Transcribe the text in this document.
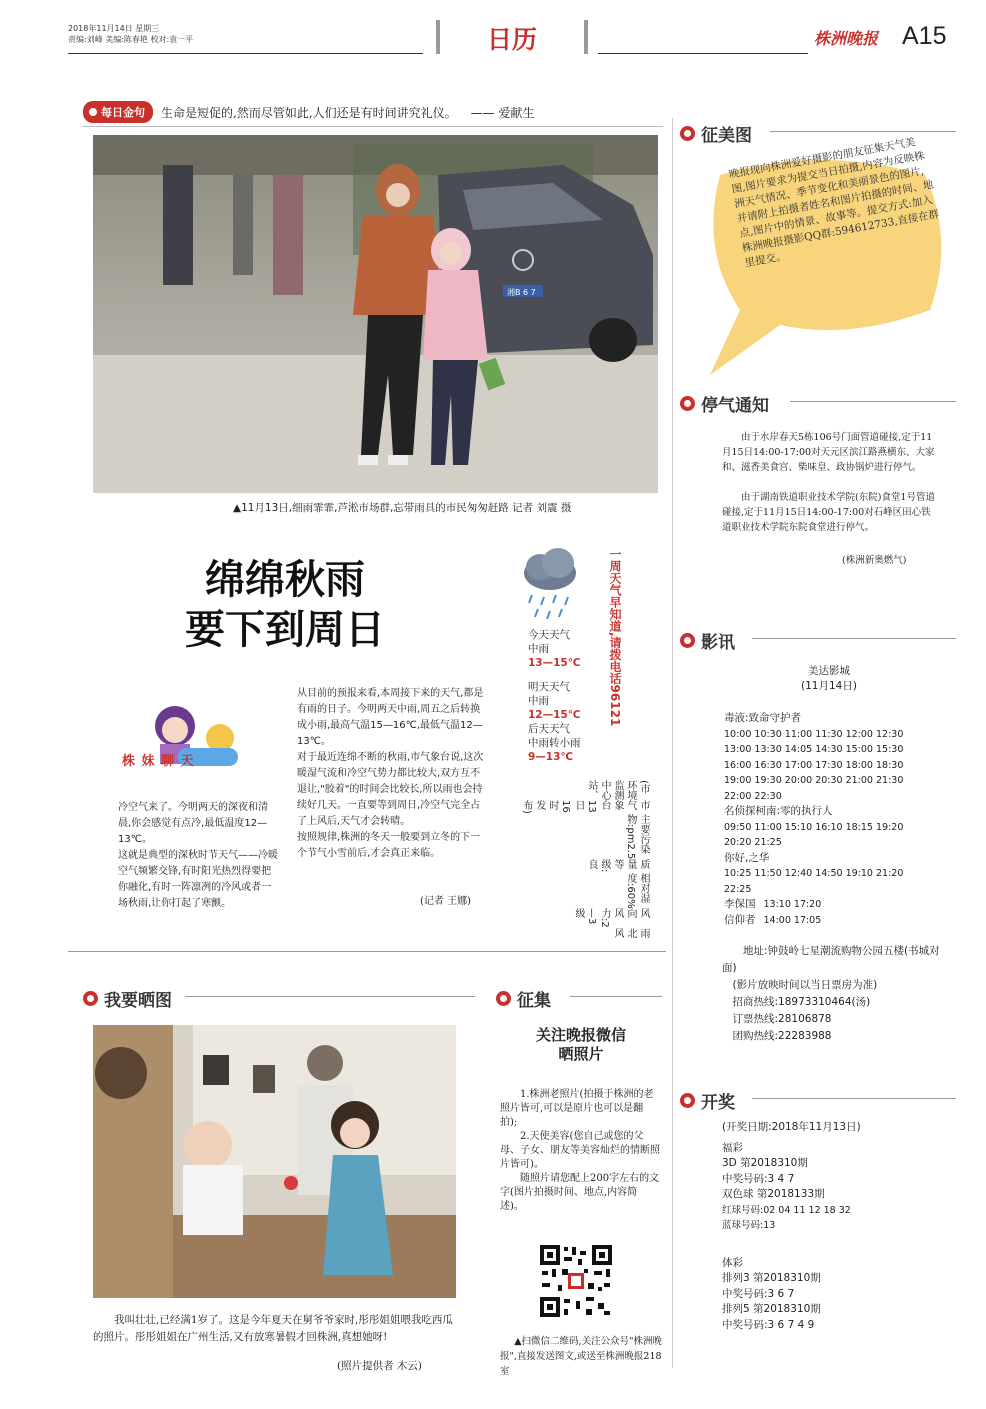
2018年11月14日 星期三
责编:刘峰 美编:陈春艳 校对:袁一平	日历	株洲晚报 A15
每日金句 生命是短促的,然而尽管如此,人们还是有时间讲究礼仪。 —— 爱献生
湘B 6 7
▲11月13日,细雨霏霏,芦淞市场群,忘带雨具的市民匆匆赶路 记者 刘震 摄
绵绵秋雨
要下到周日
株 妹 聊 天
冷空气来了。今明两天的深夜和清晨,你会感觉有点冷,最低温度12—13℃。
这就是典型的深秋时节天气——冷暖空气频繁交锋,有时阳光热烈得要把你融化,有时一阵凛冽的冷风或者一场秋雨,让你打起了寒颤。
从目前的预报来看,本周接下来的天气,都是有雨的日子。今明两天中雨,周五之后转换成小雨,最高气温15—16℃,最低气温12—13℃。
对于最近连绵不断的秋雨,市气象台说,这次暖湿气流和冷空气势力都比较大,双方互不退让,"胶着"的时间会比较长,所以雨也会持续好几天。一直要等到周日,冷空气完全占了上风后,天气才会转晴。
按照规律,株洲的冬天一般要到立冬的下一个节气小雪前后,才会真正来临。
(记者 王娜)
今天天气
中雨
13—15℃
明天天气
中雨
12—15℃
后天天气
中雨转小雨
9—13℃
一周天气早知道,请拨电话96121
(市环境监测中心站、
市气象台13日16时发布)
主要污染物:pm2.5
质量等级:良
相对湿度:60%
风向风力:2—3级
雨 北风
征美图
晚报现向株洲爱好摄影的朋友征集天气美图,图片要求为提交当日拍摄,内容为反映株洲天气情况、季节变化和美丽景色的图片,并请附上拍摄者姓名和图片拍摄的时间、地点,图片中的情景、故事等。提交方式:加入株洲晚报摄影QQ群:594612733,直接在群里提交。
停气通知
由于水岸春天5栋106号门面管道碰接,定于11月15日14:00-17:00对天元区滨江路燕横东、大家和、滋香美食宫、柴味皇、政协锅炉进行停气。
由于湖南铁道职业技术学院(东院)食堂1号管道碰接,定于11月15日14:00-17:00对石峰区田心铁道职业技术学院东院食堂进行停气。
(株洲新奥燃气)
影讯
美达影城
(11月14日)
毒液:致命守护者
10:00 10:30 11:00 11:30 12:00 12:30
13:00 13:30 14:05 14:30 15:00 15:30
16:00 16:30 17:00 17:30 18:00 18:30
19:00 19:30 20:00 20:30 21:00 21:30
22:00 22:30
名侦探柯南:零的执行人
09:50 11:00 15:10 16:10 18:15 19:20
20:20 21:25
你好,之华
10:25 11:50 12:40 14:50 19:10 21:20
22:25
李保国 13:10 17:20
信仰者 14:00 17:05
地址:钟鼓岭七星潮流购物公园五楼(书城对面)
(影片放映时间以当日票房为准)
招商热线:18973310464(汤)
订票热线:28106878
团购热线:22283988
开奖
(开奖日期:2018年11月13日)
福彩
3D 第2018310期
中奖号码:3 4 7
双色球 第2018133期
红球号码:02 04 11 12 18 32
蓝球号码:13
体彩
排列3 第2018310期
中奖号码:3 6 7
排列5 第2018310期
中奖号码:3 6 7 4 9
我要晒图
我叫壮壮,已经满1岁了。这是今年夏天在舅爷爷家时,彤彤姐姐喂我吃西瓜的照片。彤彤姐姐在广州生活,又有放寒暑假才回株洲,真想她呀!
(照片提供者 木云)
征集
关注晚报微信
晒照片
1.株洲老照片(拍摄于株洲的老照片皆可,可以是原片也可以是翻拍);
2.天使美容(您自己或您的父母、子女、朋友等美容灿烂的情断照片皆可)。
随照片请您配上200字左右的文字(图片拍摄时间、地点,内容简述)。
▲扫微信二维码,关注公众号"株洲晚报",直接发送图文,或送至株洲晚报218室
